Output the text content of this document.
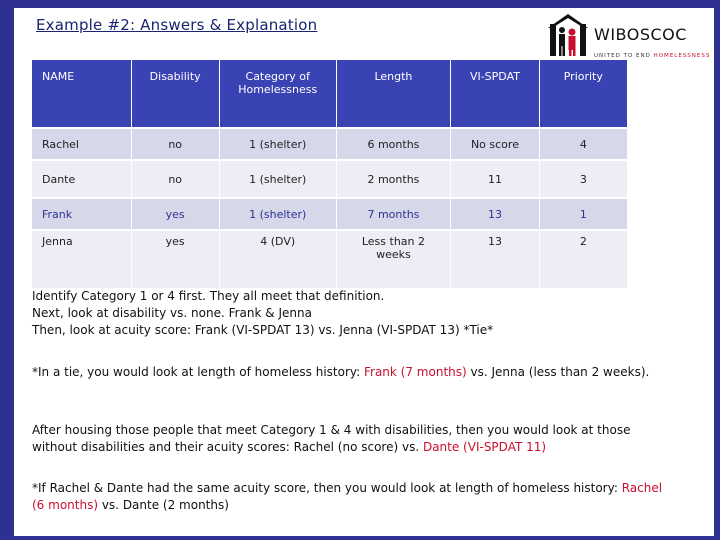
Example #2: Answers & Explanation	WIBOSCOC
UNITED TO END HOMELESSNESS
NAME	Disability	Category of Homelessness	Length	VI-SPDAT	Priority
Rachel	no	1 (shelter)	6 months	No score	4
Dante	no	1 (shelter)	2 months	11	3
Frank	yes	1 (shelter)	7 months	13	1
Jenna	yes	4 (DV)	Less than 2 weeks	13	2
Identify Category 1 or 4 first. They all meet that definition.
Next, look at disability vs. none. Frank & Jenna
Then, look at acuity score: Frank (VI-SPDAT 13) vs. Jenna (VI-SPDAT 13) *Tie*
*In a tie, you would look at length of homeless history: Frank (7 months) vs. Jenna (less than 2 weeks).
After housing those people that meet Category 1 & 4 with disabilities, then you would look at those without disabilities and their acuity scores: Rachel (no score) vs. Dante (VI-SPDAT 11)
*If Rachel & Dante had the same acuity score, then you would look at length of homeless history: Rachel (6 months) vs. Dante (2 months)
